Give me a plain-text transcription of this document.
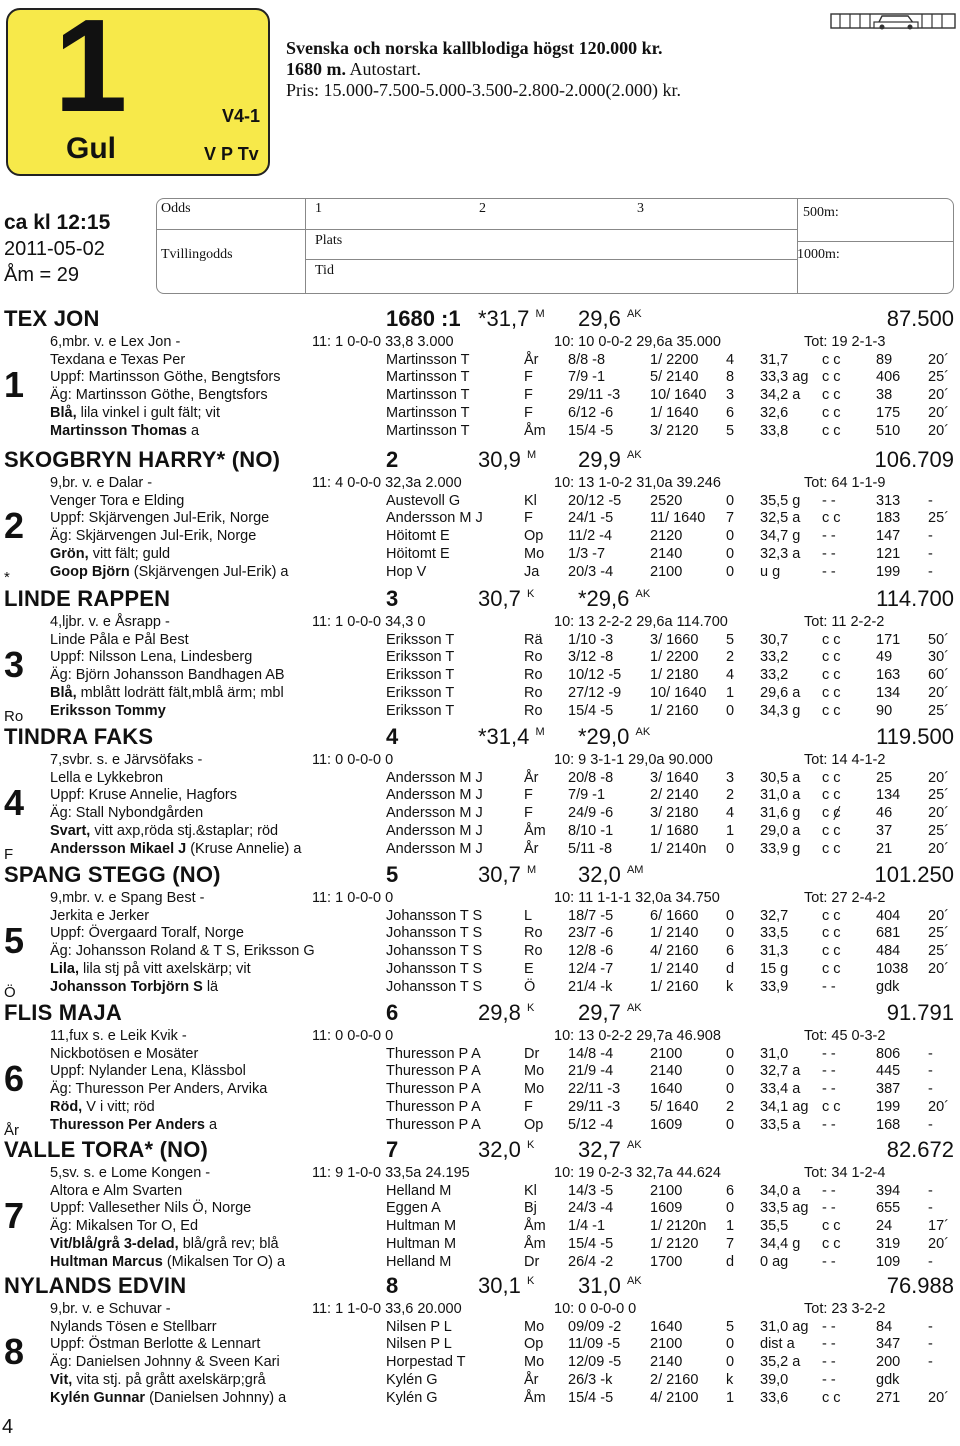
1	V4-1
Gul	V P Tv
Svenska och norska kallblodiga högst 120.000 kr.
1680 m. Autostart.
Pris: 15.000-7.500-5.000-3.500-2.800-2.000(2.000) kr.
ca kl 12:15
2011-05-02
Åm = 29
Odds
Tvillingodds
1	2	3
Plats
Tid
500m:
1000m:
TEX JON	1680 :1 *31,7 $^M$ 29,6 $^{AK}$	87.500
1
6,mbr. v. e Lex Jon -	11: 1 0-0-0 33,8 3.000	10: 10 0-0-2 29,6a 35.000	Tot: 19 2-1-3
Texdana e Texas Per	Martinsson T	År 8/8 -8	1/ 2200 4 31,7 ᴄ ᴄ 89 20´
Uppf: Martinsson Göthe, Bengtsfors	Martinsson T	F 7/9 -1	5/ 2140 8 33,3 ag ᴄ ᴄ 406 25´
Äg: Martinsson Göthe, Bengtsfors	Martinsson T	F 29/11 -3 10/ 1640 3 34,2 a ᴄ ᴄ 38 20´
Blå, lila vinkel i gult fält; vit	Martinsson T	F 6/12 -6	1/ 1640 6 32,6 ᴄ ᴄ 175 20´
Martinsson Thomas a	Martinsson T	Åm 15/4 -5	3/ 2120 5 33,8 ᴄ ᴄ 510 20´
SKOGBRYN HARRY* (NO)	2	30,9 $^M$ 29,9 $^{AK}$	106.709
2
*
9,br. v. e Dalar -	11: 4 0-0-0 32,3a 2.000	10: 13 1-0-2 31,0a 39.246	Tot: 64 1-1-9
Venger Tora e Elding	Austevoll G	Kl 20/12 -5 2520	0 35,5 g - -	313 -
Uppf: Skjärvengen Jul-Erik, Norge	Andersson M J	F 24/1 -5	11/ 1640 7 32,5 a ᴄ ᴄ 183 25´
Äg: Skjärvengen Jul-Erik, Norge	Höitomt E	Op 11/2 -4	2120	0 34,7 g - -	147 -
Grön, vitt fält; guld	Höitomt E	Mo 1/3 -7	2140	0 32,3 a - -	121 -
Goop Björn (Skjärvengen Jul-Erik) a	Hop V	Ja 20/3 -4	2100	0 u g	- -	199 -
LINDE RAPPEN	3	30,7 $^K$ *29,6 $^{AK}$	114.700
3
Ro
4,ljbr. v. e Åsrapp -	11: 1 0-0-0 34,3 0	10: 13 2-2-2 29,6a 114.700	Tot: 11 2-2-2
Linde Påla e Pål Best	Eriksson T	Rä 1/10 -3	3/ 1660 5 30,7 ᴄ ᴄ 171 50´
Uppf: Nilsson Lena, Lindesberg	Eriksson T	Ro 3/12 -8	1/ 2200 2 33,2 ᴄ ᴄ 49 30´
Äg: Björn Johansson Bandhagen AB	Eriksson T	Ro 10/12 -5 1/ 2180 4 33,2 ᴄ ᴄ 163 60´
Blå, mblått lodrätt fält,mblå ärm; mbl	Eriksson T	Ro 27/12 -9 10/ 1640 1 29,6 a ᴄ ᴄ 134 20´
Eriksson Tommy	Eriksson T	Ro 15/4 -5	1/ 2160 0 34,3 g ᴄ ᴄ 90 25´
TINDRA FAKS	4	*31,4 $^M$ *29,0 $^{AK}$	119.500
4
F
7,svbr. s. e Järvsöfaks -	11: 0 0-0-0 0	10: 9 3-1-1 29,0a 90.000	Tot: 14 4-1-2
Lella e Lykkebron	Andersson M J	År 20/8 -8	3/ 1640 3 30,5 a ᴄ ᴄ 25 20´
Uppf: Kruse Annelie, Hagfors	Andersson M J	F 7/9 -1	2/ 2140 2 31,0 a ᴄ ᴄ 134 25´
Äg: Stall Nybondgården	Andersson M J	F 24/9 -6	3/ 2180 4 31,6 g ᴄ ȼ 46 20´
Svart, vitt axp,röda stj.&staplar; röd	Andersson M J	Åm 8/10 -1	1/ 1680 1 29,0 a ᴄ ᴄ 37 25´
Andersson Mikael J (Kruse Annelie) a	Andersson M J	År 5/11 -8	1/ 2140n 0 33,9 g ᴄ ᴄ 21 20´
SPANG STEGG (NO)	5	30,7 $^M$ 32,0 $^{AM}$	101.250
5
Ö
9,mbr. v. e Spang Best -	11: 1 0-0-0 0	10: 11 1-1-1 32,0a 34.750	Tot: 27 2-4-2
Jerkita e Jerker	Johansson T S	L 18/7 -5	6/ 1660 0 32,7 ᴄ ᴄ 404 20´
Uppf: Övergaard Toralf, Norge	Johansson T S	Ro 23/7 -6	1/ 2140 0 33,5 ᴄ ᴄ 681 25´
Äg: Johansson Roland & T S, Eriksson G	Johansson T S	Ro 12/8 -6	4/ 2160 6 31,3 ᴄ ᴄ 484 25´
Lila, lila stj på vitt axelskärp; vit	Johansson T S	E 12/4 -7	1/ 2140 d 15 g ᴄ ᴄ 1038 20´
Johansson Torbjörn S lä	Johansson T S	Ö 21/4 -k	1/ 2160 k 33,9 - -	gdk
FLIS MAJA	6	29,8 $^K$ 29,7 $^{AK}$	91.791
6
År
11,fux s. e Leik Kvik -	11: 0 0-0-0 0	10: 13 0-2-2 29,7a 46.908	Tot: 45 0-3-2
Nickbotösen e Mosäter	Thuresson P A	Dr 14/8 -4	2100	0 31,0 - -	806 -
Uppf: Nylander Lena, Klässbol	Thuresson P A	Mo 21/9 -4	2140	0 32,7 a - -	445 -
Äg: Thuresson Per Anders, Arvika	Thuresson P A	Mo 22/11 -3 1640	0 33,4 a - -	387 -
Röd, V i vitt; röd	Thuresson P A	F 29/11 -3 5/ 1640 2 34,1 ag ᴄ ᴄ 199 20´
Thuresson Per Anders a	Thuresson P A	Op 5/12 -4	1609	0 33,5 a - -	168 -
VALLE TORA* (NO)	7	32,0 $^K$ 32,7 $^{AK}$	82.672
7
5,sv. s. e Lome Kongen -	11: 9 1-0-0 33,5a 24.195	10: 19 0-2-3 32,7a 44.624	Tot: 34 1-2-4
Altora e Alm Svarten	Helland M	Kl 14/3 -5	2100	6 34,0 a - -	394 -
Uppf: Vallesether Nils Ö, Norge	Eggen A	Bj 24/3 -4	1609	0 33,5 ag - -	655 -
Äg: Mikalsen Tor O, Ed	Hultman M	Åm 1/4 -1	1/ 2120n 1 35,5 ᴄ ᴄ 24 17´
Vit/blå/grå 3-delad, blå/grå rev; blå	Hultman M	Åm 15/4 -5	1/ 2120 7 34,4 g ᴄ ᴄ 319 20´
Hultman Marcus (Mikalsen Tor O) a	Helland M	Dr 26/4 -2	1700	d 0 ag - -	109 -
NYLANDS EDVIN	8	30,1 $^K$ 31,0 $^{AK}$	76.988
8
9,br. v. e Schuvar -	11: 1 1-0-0 33,6 20.000	10: 0 0-0-0 0	Tot: 23 3-2-2
Nylands Tösen e Stellbarr	Nilsen P L	Mo 09/09 -2 1640	5 31,0 ag - -	84 -
Uppf: Östman Berlotte & Lennart	Nilsen P L	Op 11/09 -5 2100	0 dist a - -	347 -
Äg: Danielsen Johnny & Sveen Kari	Horpestad T	Mo 12/09 -5 2140	0 35,2 a - -	200 -
Vit, vita stj. på grått axelskärp;grå	Kylén G	År 26/3 -k	2/ 2160 k 39,0 - -	gdk
Kylén Gunnar (Danielsen Johnny) a	Kylén G	Åm 15/4 -5	4/ 2100 1 33,6 ᴄ ᴄ 271 20´
4
